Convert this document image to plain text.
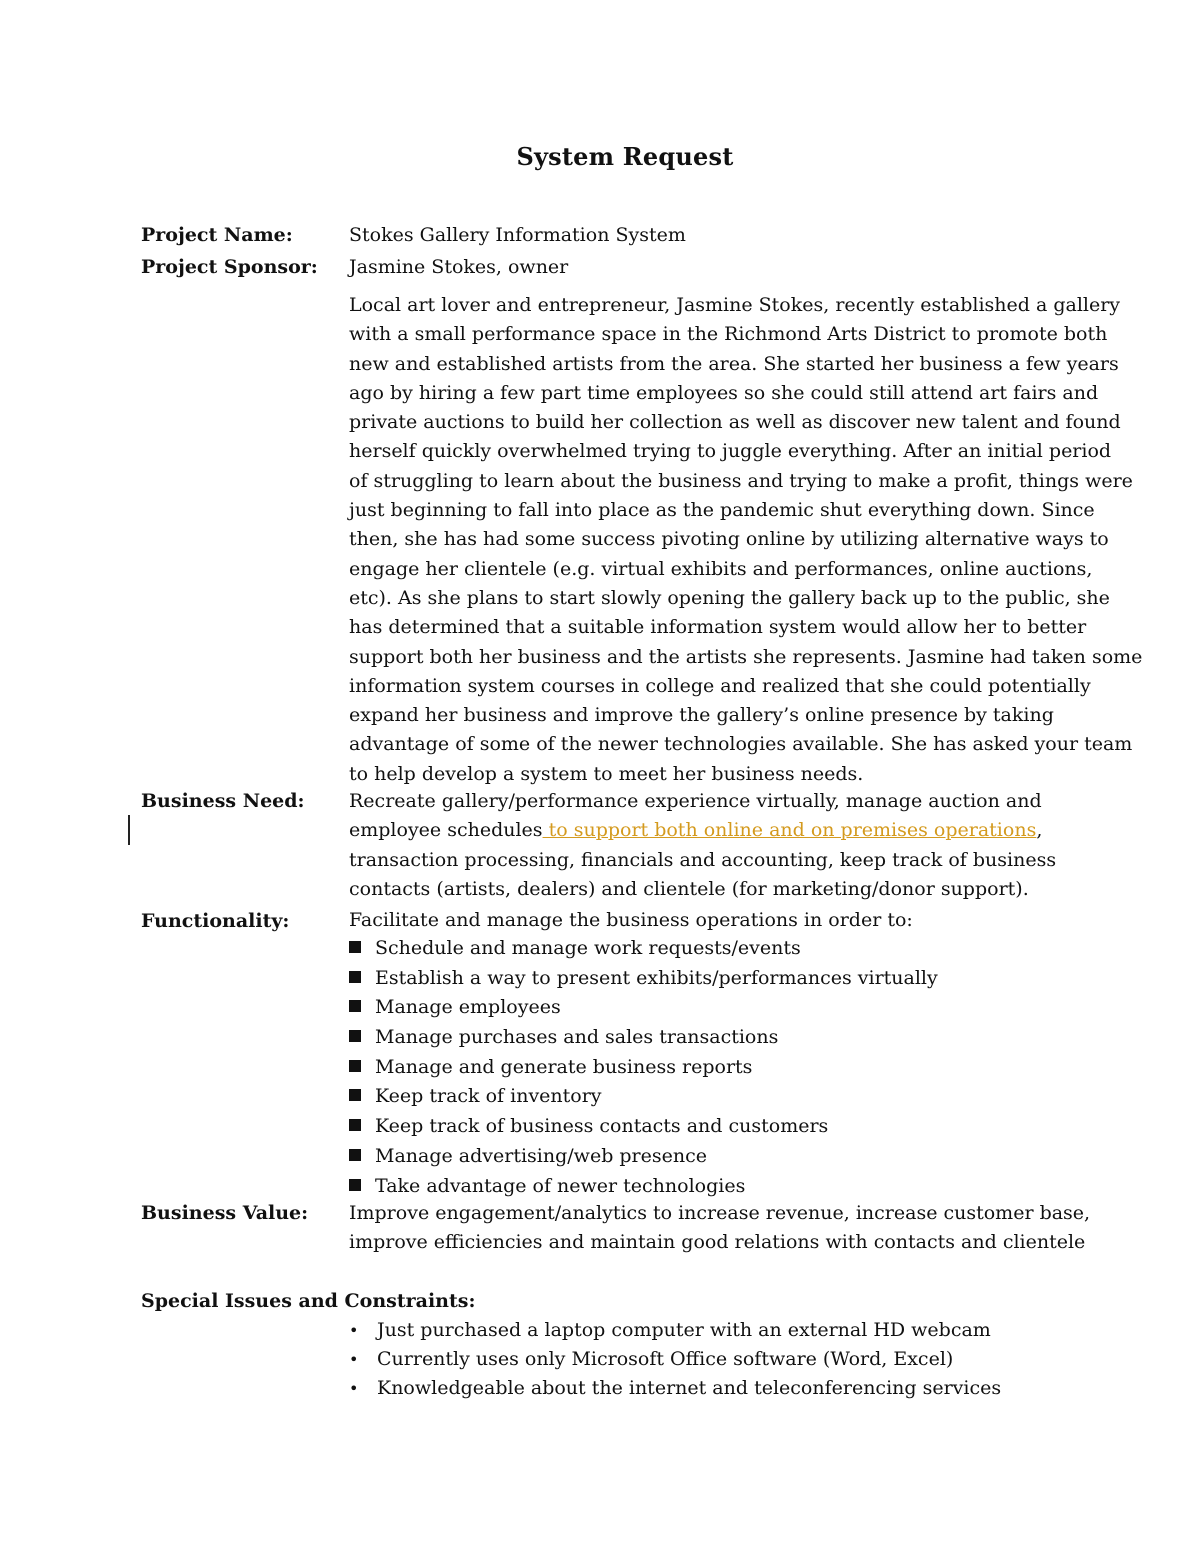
System Request
Project Name:	Stokes Gallery Information System
Project Sponsor: Jasmine Stokes, owner
Local art lover and entrepreneur, Jasmine Stokes, recently established a gallery
with a small performance space in the Richmond Arts District to promote both
new and established artists from the area. She started her business a few years
ago by hiring a few part time employees so she could still attend art fairs and
private auctions to build her collection as well as discover new talent and found
herself quickly overwhelmed trying to juggle everything. After an initial period
of struggling to learn about the business and trying to make a profit, things were
just beginning to fall into place as the pandemic shut everything down. Since
then, she has had some success pivoting online by utilizing alternative ways to
engage her clientele (e.g. virtual exhibits and performances, online auctions,
etc). As she plans to start slowly opening the gallery back up to the public, she
has determined that a suitable information system would allow her to better
support both her business and the artists she represents. Jasmine had taken some
information system courses in college and realized that she could potentially
expand her business and improve the gallery’s online presence by taking
advantage of some of the newer technologies available. She has asked your team
to help develop a system to meet her business needs.
Business Need: Recreate gallery/performance experience virtually, manage auction and
employee schedules to support both online and on premises operations,
transaction processing, financials and accounting, keep track of business
contacts (artists, dealers) and clientele (for marketing/donor support).
Functionality:	Facilitate and manage the business operations in order to:
Schedule and manage work requests/events
Establish a way to present exhibits/performances virtually
Manage employees
Manage purchases and sales transactions
Manage and generate business reports
Keep track of inventory
Keep track of business contacts and customers
Manage advertising/web presence
Take advantage of newer technologies
Business Value: Improve engagement/analytics to increase revenue, increase customer base,
improve efficiencies and maintain good relations with contacts and clientele
Special Issues and Constraints:
• Just purchased a laptop computer with an external HD webcam
• Currently uses only Microsoft Office software (Word, Excel)
• Knowledgeable about the internet and teleconferencing services
